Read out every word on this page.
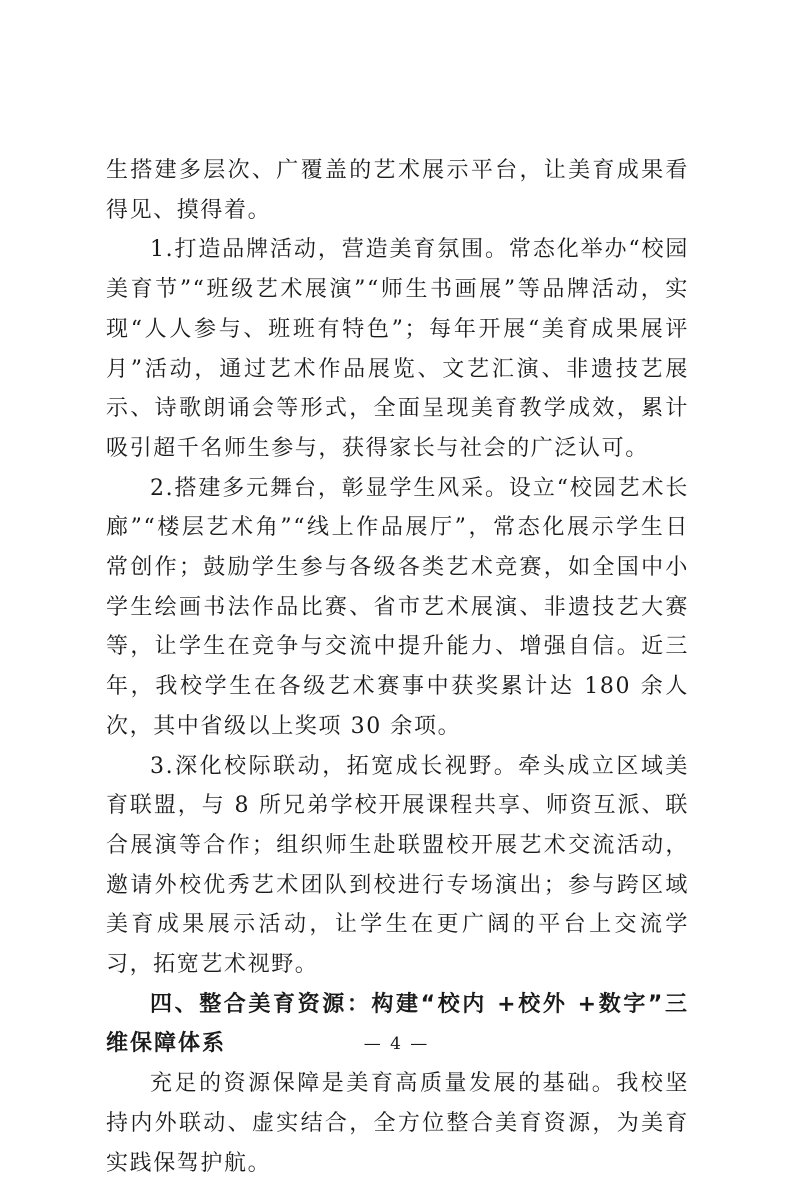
生搭建多层次、广覆盖的艺术展示平台，让美育成果看得见、摸得着。

1.打造品牌活动，营造美育氛围。常态化举办“校园美育节”“班级艺术展演”“师生书画展”等品牌活动，实现“人人参与、班班有特色”；每年开展“美育成果展评月”活动，通过艺术作品展览、文艺汇演、非遗技艺展示、诗歌朗诵会等形式，全面呈现美育教学成效，累计吸引超千名师生参与，获得家长与社会的广泛认可。

2.搭建多元舞台，彰显学生风采。设立“校园艺术长廊”“楼层艺术角”“线上作品展厅”，常态化展示学生日常创作；鼓励学生参与各级各类艺术竞赛，如全国中小学生绘画书法作品比赛、省市艺术展演、非遗技艺大赛等，让学生在竞争与交流中提升能力、增强自信。近三年，我校学生在各级艺术赛事中获奖累计达 180 余人次，其中省级以上奖项 30 余项。

3.深化校际联动，拓宽成长视野。牵头成立区域美育联盟，与 8 所兄弟学校开展课程共享、师资互派、联合展演等合作；组织师生赴联盟校开展艺术交流活动，邀请外校优秀艺术团队到校进行专场演出；参与跨区域美育成果展示活动，让学生在更广阔的平台上交流学习，拓宽艺术视野。

四、整合美育资源：构建“校内 +校外 +数字”三维保障体系

充足的资源保障是美育高质量发展的基础。我校坚持内外联动、虚实结合，全方位整合美育资源，为美育实践保驾护航。

— 4 —
